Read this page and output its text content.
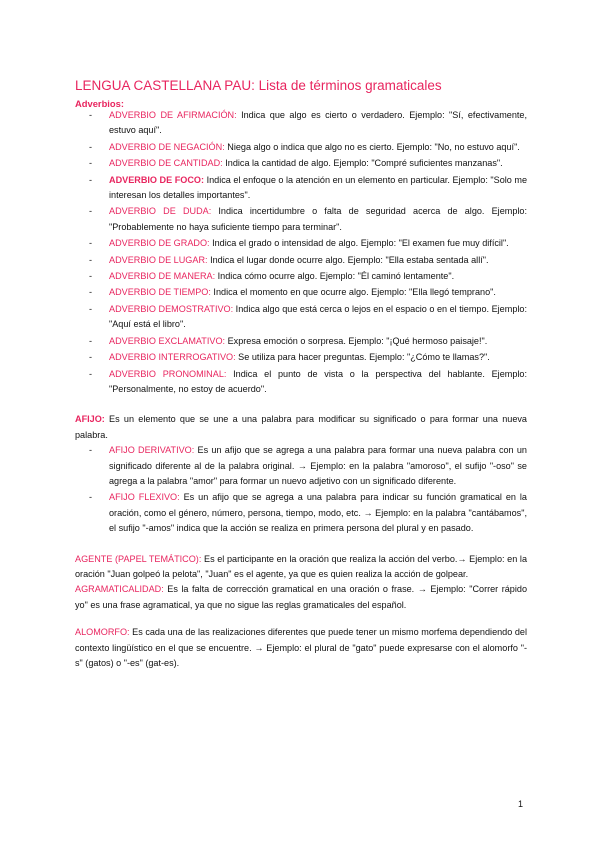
LENGUA CASTELLANA PAU: Lista de términos gramaticales
Adverbios:
- ADVERBIO DE AFIRMACIÓN: Indica que algo es cierto o verdadero. Ejemplo: "Sí, efectivamente, estuvo aquí".
- ADVERBIO DE NEGACIÓN: Niega algo o indica que algo no es cierto. Ejemplo: "No, no estuvo aquí".
- ADVERBIO DE CANTIDAD: Indica la cantidad de algo. Ejemplo: "Compré suficientes manzanas".
- ADVERBIO DE FOCO: Indica el enfoque o la atención en un elemento en particular. Ejemplo: "Solo me interesan los detalles importantes".
- ADVERBIO DE DUDA: Indica incertidumbre o falta de seguridad acerca de algo. Ejemplo: "Probablemente no haya suficiente tiempo para terminar".
- ADVERBIO DE GRADO: Indica el grado o intensidad de algo. Ejemplo: "El examen fue muy difícil".
- ADVERBIO DE LUGAR: Indica el lugar donde ocurre algo. Ejemplo: "Ella estaba sentada allí".
- ADVERBIO DE MANERA: Indica cómo ocurre algo. Ejemplo: "Él caminó lentamente".
- ADVERBIO DE TIEMPO: Indica el momento en que ocurre algo. Ejemplo: "Ella llegó temprano".
- ADVERBIO DEMOSTRATIVO: Indica algo que está cerca o lejos en el espacio o en el tiempo. Ejemplo: "Aquí está el libro".
- ADVERBIO EXCLAMATIVO: Expresa emoción o sorpresa. Ejemplo: "¡Qué hermoso paisaje!".
- ADVERBIO INTERROGATIVO: Se utiliza para hacer preguntas. Ejemplo: "¿Cómo te llamas?".
- ADVERBIO PRONOMINAL: Indica el punto de vista o la perspectiva del hablante. Ejemplo: "Personalmente, no estoy de acuerdo".

AFIJO: Es un elemento que se une a una palabra para modificar su significado o para formar una nueva palabra.

- AFIJO DERIVATIVO: Es un afijo que se agrega a una palabra para formar una nueva palabra con un significado diferente al de la palabra original. → Ejemplo: en la palabra "amoroso", el sufijo "-oso" se agrega a la palabra "amor" para formar un nuevo adjetivo con un significado diferente.
- AFIJO FLEXIVO: Es un afijo que se agrega a una palabra para indicar su función gramatical en la oración, como el género, número, persona, tiempo, modo, etc. → Ejemplo: en la palabra "cantábamos", el sufijo "-amos" indica que la acción se realiza en primera persona del plural y en pasado.

AGENTE (PAPEL TEMÁTICO): Es el participante en la oración que realiza la acción del verbo.→ Ejemplo: en la oración "Juan golpeó la pelota", "Juan" es el agente, ya que es quien realiza la acción de golpear.

AGRAMATICALIDAD: Es la falta de corrección gramatical en una oración o frase. → Ejemplo: "Correr rápido yo" es una frase agramatical, ya que no sigue las reglas gramaticales del español.

ALOMORFO: Es cada una de las realizaciones diferentes que puede tener un mismo morfema dependiendo del contexto lingüístico en el que se encuentre. → Ejemplo: el plural de "gato" puede expresarse con el alomorfo "-s" (gatos) o "-es" (gat-es).

1
